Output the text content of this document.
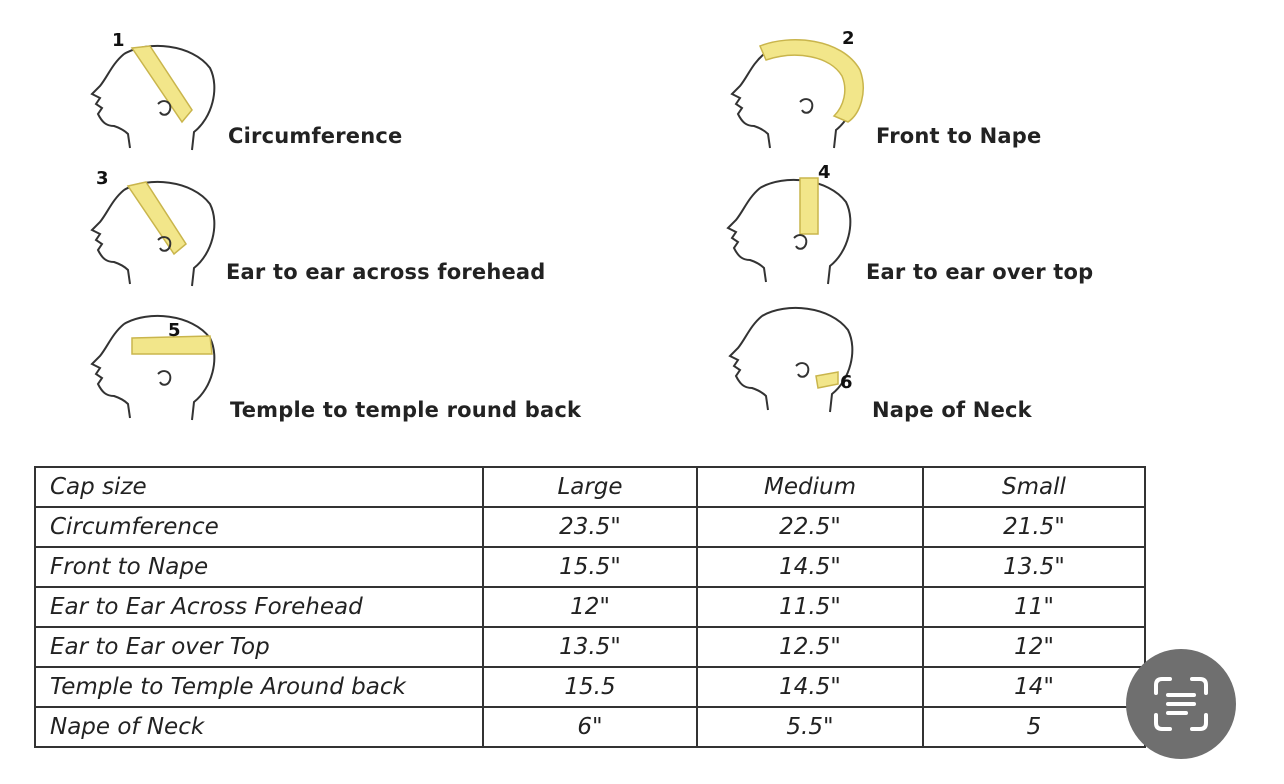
1
Circumference
2
Front to Nape
3
Ear to ear across forehead
4
Ear to ear over top
5
Temple to temple round back
6
Nape of Neck
Cap size	Large	Medium	Small
Circumference	23.5"	22.5"	21.5"
Front to Nape	15.5"	14.5"	13.5"
Ear to Ear Across Forehead	12"	11.5"	11"
Ear to Ear over Top	13.5"	12.5"	12"
Temple to Temple Around back	15.5	14.5"	14"
Nape of Neck	6"	5.5"	5
